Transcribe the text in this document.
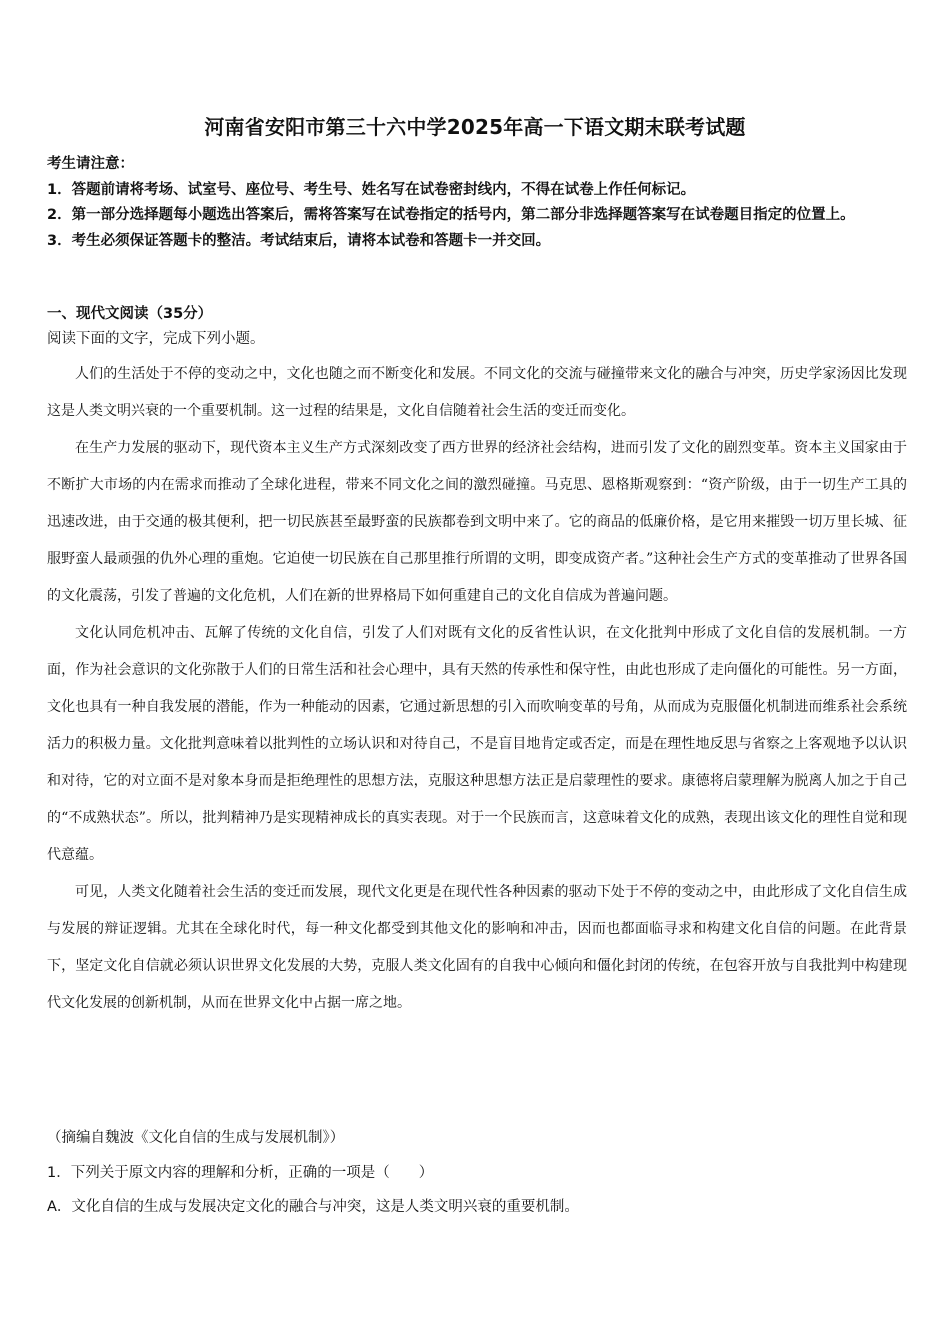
河南省安阳市第三十六中学2025年高一下语文期末联考试题

考生请注意：

1．答题前请将考场、试室号、座位号、考生号、姓名写在试卷密封线内，不得在试卷上作任何标记。

2．第一部分选择题每小题选出答案后，需将答案写在试卷指定的括号内，第二部分非选择题答案写在试卷题目指定的位置上。

3．考生必须保证答题卡的整洁。考试结束后，请将本试卷和答题卡一并交回。

一、现代文阅读（35分）

阅读下面的文字，完成下列小题。

人们的生活处于不停的变动之中，文化也随之而不断变化和发展。不同文化的交流与碰撞带来文化的融合与冲突，历史学家汤因比发现这是人类文明兴衰的一个重要机制。这一过程的结果是，文化自信随着社会生活的变迁而变化。

在生产力发展的驱动下，现代资本主义生产方式深刻改变了西方世界的经济社会结构，进而引发了文化的剧烈变革。资本主义国家由于不断扩大市场的内在需求而推动了全球化进程，带来不同文化之间的激烈碰撞。马克思、恩格斯观察到：“资产阶级，由于一切生产工具的迅速改进，由于交通的极其便利，把一切民族甚至最野蛮的民族都卷到文明中来了。它的商品的低廉价格，是它用来摧毁一切万里长城、征服野蛮人最顽强的仇外心理的重炮。它迫使一切民族在自己那里推行所谓的文明，即变成资产者。”这种社会生产方式的变革推动了世界各国的文化震荡，引发了普遍的文化危机，人们在新的世界格局下如何重建自己的文化自信成为普遍问题。

文化认同危机冲击、瓦解了传统的文化自信，引发了人们对既有文化的反省性认识，在文化批判中形成了文化自信的发展机制。一方面，作为社会意识的文化弥散于人们的日常生活和社会心理中，具有天然的传承性和保守性，由此也形成了走向僵化的可能性。另一方面，文化也具有一种自我发展的潜能，作为一种能动的因素，它通过新思想的引入而吹响变革的号角，从而成为克服僵化机制进而维系社会系统活力的积极力量。文化批判意味着以批判性的立场认识和对待自己，不是盲目地肯定或否定，而是在理性地反思与省察之上客观地予以认识和对待，它的对立面不是对象本身而是拒绝理性的思想方法，克服这种思想方法正是启蒙理性的要求。康德将启蒙理解为脱离人加之于自己的“不成熟状态”。所以，批判精神乃是实现精神成长的真实表现。对于一个民族而言，这意味着文化的成熟，表现出该文化的理性自觉和现代意蕴。

可见，人类文化随着社会生活的变迁而发展，现代文化更是在现代性各种因素的驱动下处于不停的变动之中，由此形成了文化自信生成与发展的辩证逻辑。尤其在全球化时代，每一种文化都受到其他文化的影响和冲击，因而也都面临寻求和构建文化自信的问题。在此背景下，坚定文化自信就必须认识世界文化发展的大势，克服人类文化固有的自我中心倾向和僵化封闭的传统，在包容开放与自我批判中构建现代文化发展的创新机制，从而在世界文化中占据一席之地。

（摘编自魏波《文化自信的生成与发展机制》）

1．下列关于原文内容的理解和分析，正确的一项是（　　）

A．文化自信的生成与发展决定文化的融合与冲突，这是人类文明兴衰的重要机制。
